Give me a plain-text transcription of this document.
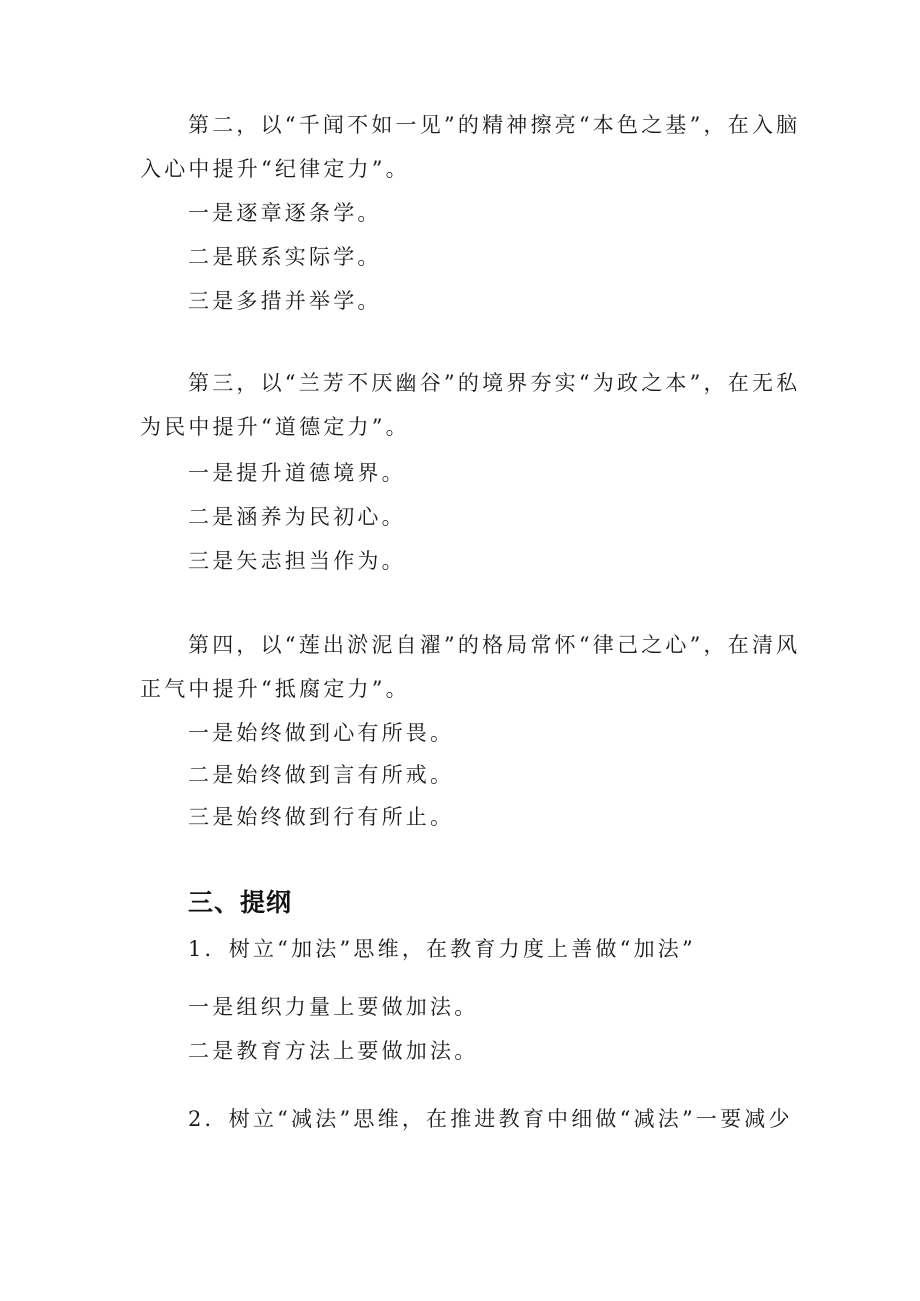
第二，以“千闻不如一见”的精神擦亮“本色之基”，在入脑
入心中提升“纪律定力”。
一是逐章逐条学。
二是联系实际学。
三是多措并举学。
第三，以“兰芳不厌幽谷”的境界夯实“为政之本”，在无私
为民中提升“道德定力”。
一是提升道德境界。
二是涵养为民初心。
三是矢志担当作为。
第四，以“莲出淤泥自濯”的格局常怀“律己之心”，在清风
正气中提升“抵腐定力”。
一是始终做到心有所畏。
二是始终做到言有所戒。
三是始终做到行有所止。
三、提纲
1．树立“加法”思维，在教育力度上善做“加法”
一是组织力量上要做加法。
二是教育方法上要做加法。
2．树立“减法”思维，在推进教育中细做“减法”一要减少
